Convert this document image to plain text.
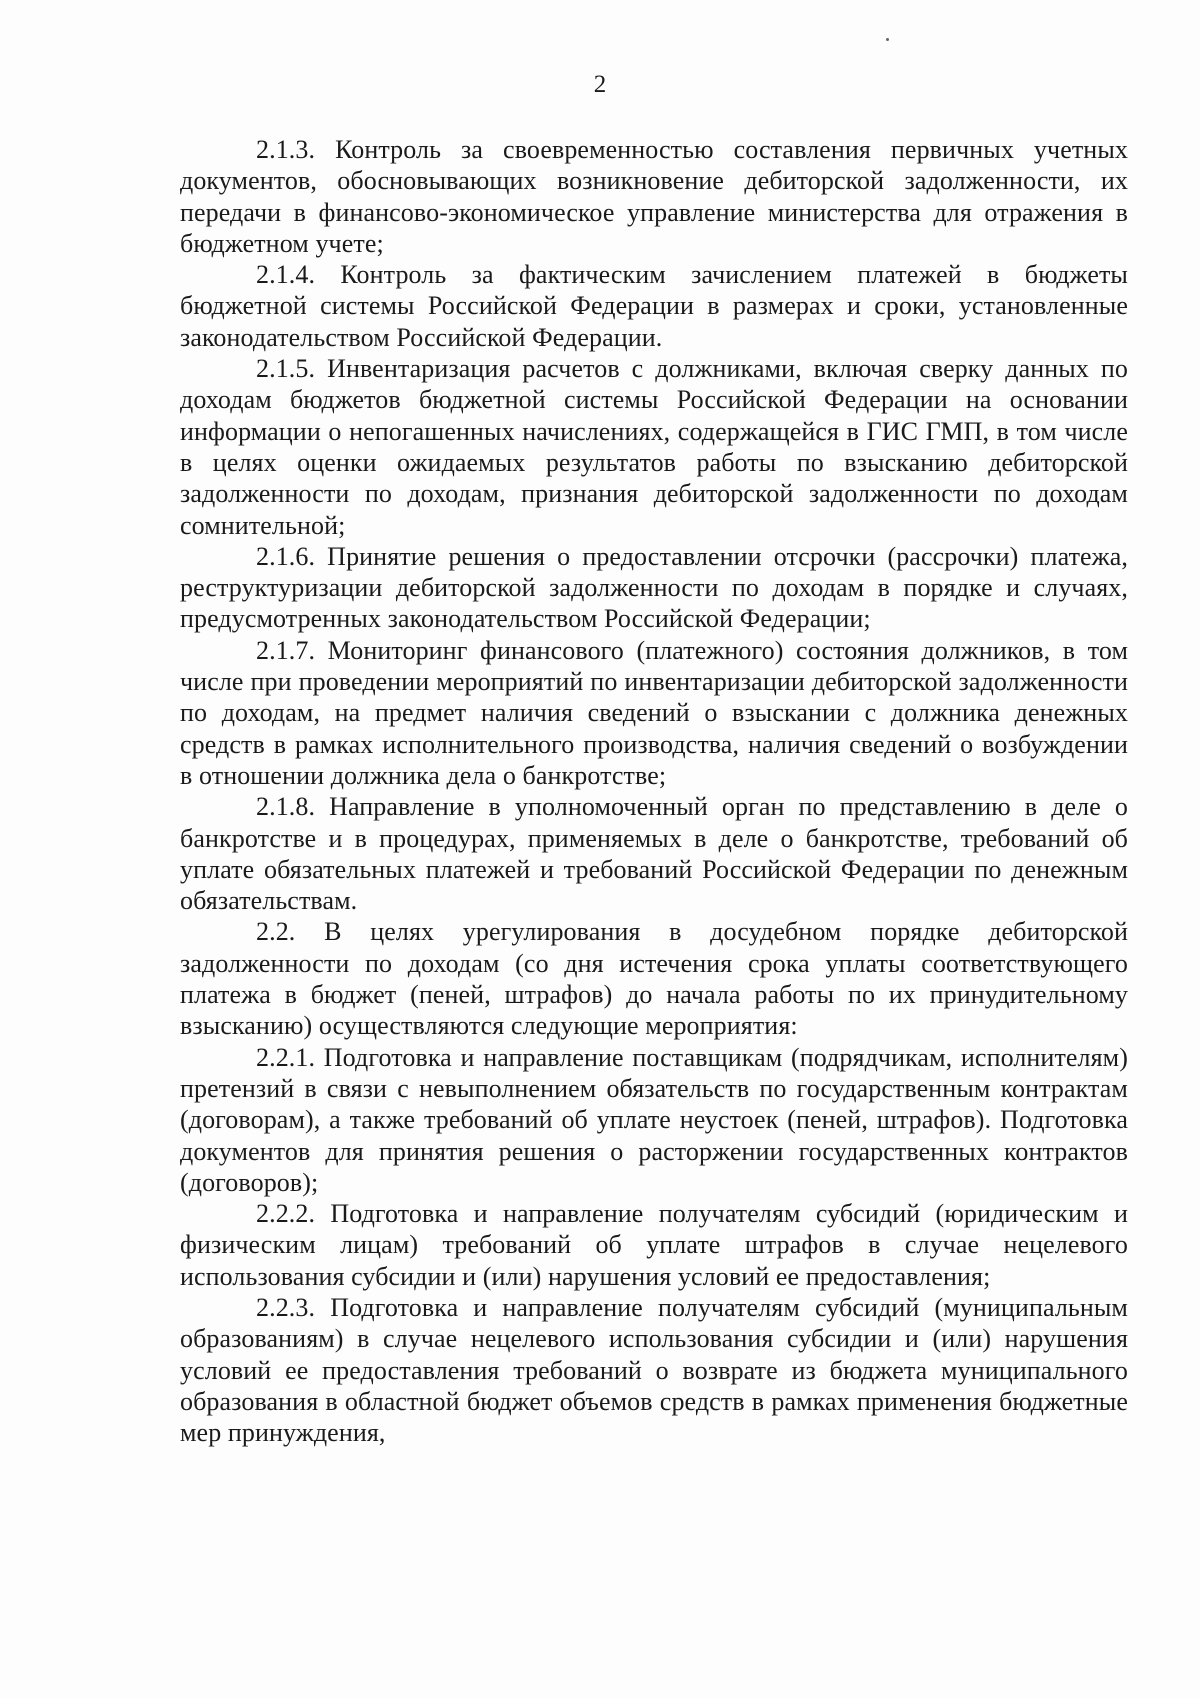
2

2.1.3. Контроль за своевременностью составления первичных учетных документов, обосновывающих возникновение дебиторской задолженности, их передачи в финансово-экономическое управление министерства для отражения в бюджетном учете;

2.1.4. Контроль за фактическим зачислением платежей в бюджеты бюджетной системы Российской Федерации в размерах и сроки, установленные законодательством Российской Федерации.

2.1.5. Инвентаризация расчетов с должниками, включая сверку данных по доходам бюджетов бюджетной системы Российской Федерации на основании информации о непогашенных начислениях, содержащейся в ГИС ГМП, в том числе в целях оценки ожидаемых результатов работы по взысканию дебиторской задолженности по доходам, признания дебиторской задолженности по доходам сомнительной;

2.1.6. Принятие решения о предоставлении отсрочки (рассрочки) платежа, реструктуризации дебиторской задолженности по доходам в порядке и случаях, предусмотренных законодательством Российской Федерации;

2.1.7. Мониторинг финансового (платежного) состояния должников, в том числе при проведении мероприятий по инвентаризации дебиторской задолженности по доходам, на предмет наличия сведений о взыскании с должника денежных средств в рамках исполнительного производства, наличия сведений о возбуждении в отношении должника дела о банкротстве;

2.1.8. Направление в уполномоченный орган по представлению в деле о банкротстве и в процедурах, применяемых в деле о банкротстве, требований об уплате обязательных платежей и требований Российской Федерации по денежным обязательствам.

2.2. В целях урегулирования в досудебном порядке дебиторской задолженности по доходам (со дня истечения срока уплаты соответствующего платежа в бюджет (пеней, штрафов) до начала работы по их принудительному взысканию) осуществляются следующие мероприятия:

2.2.1. Подготовка и направление поставщикам (подрядчикам, исполнителям) претензий в связи с невыполнением обязательств по государственным контрактам (договорам), а также требований об уплате неустоек (пеней, штрафов). Подготовка документов для принятия решения о расторжении государственных контрактов (договоров);

2.2.2. Подготовка и направление получателям субсидий (юридическим и физическим лицам) требований об уплате штрафов в случае нецелевого использования субсидии и (или) нарушения условий ее предоставления;

2.2.3. Подготовка и направление получателям субсидий (муниципальным образованиям) в случае нецелевого использования субсидии и (или) нарушения условий ее предоставления требований о возврате из бюджета муниципального образования в областной бюджет объемов средств в рамках применения бюджетные мер принуждения,
